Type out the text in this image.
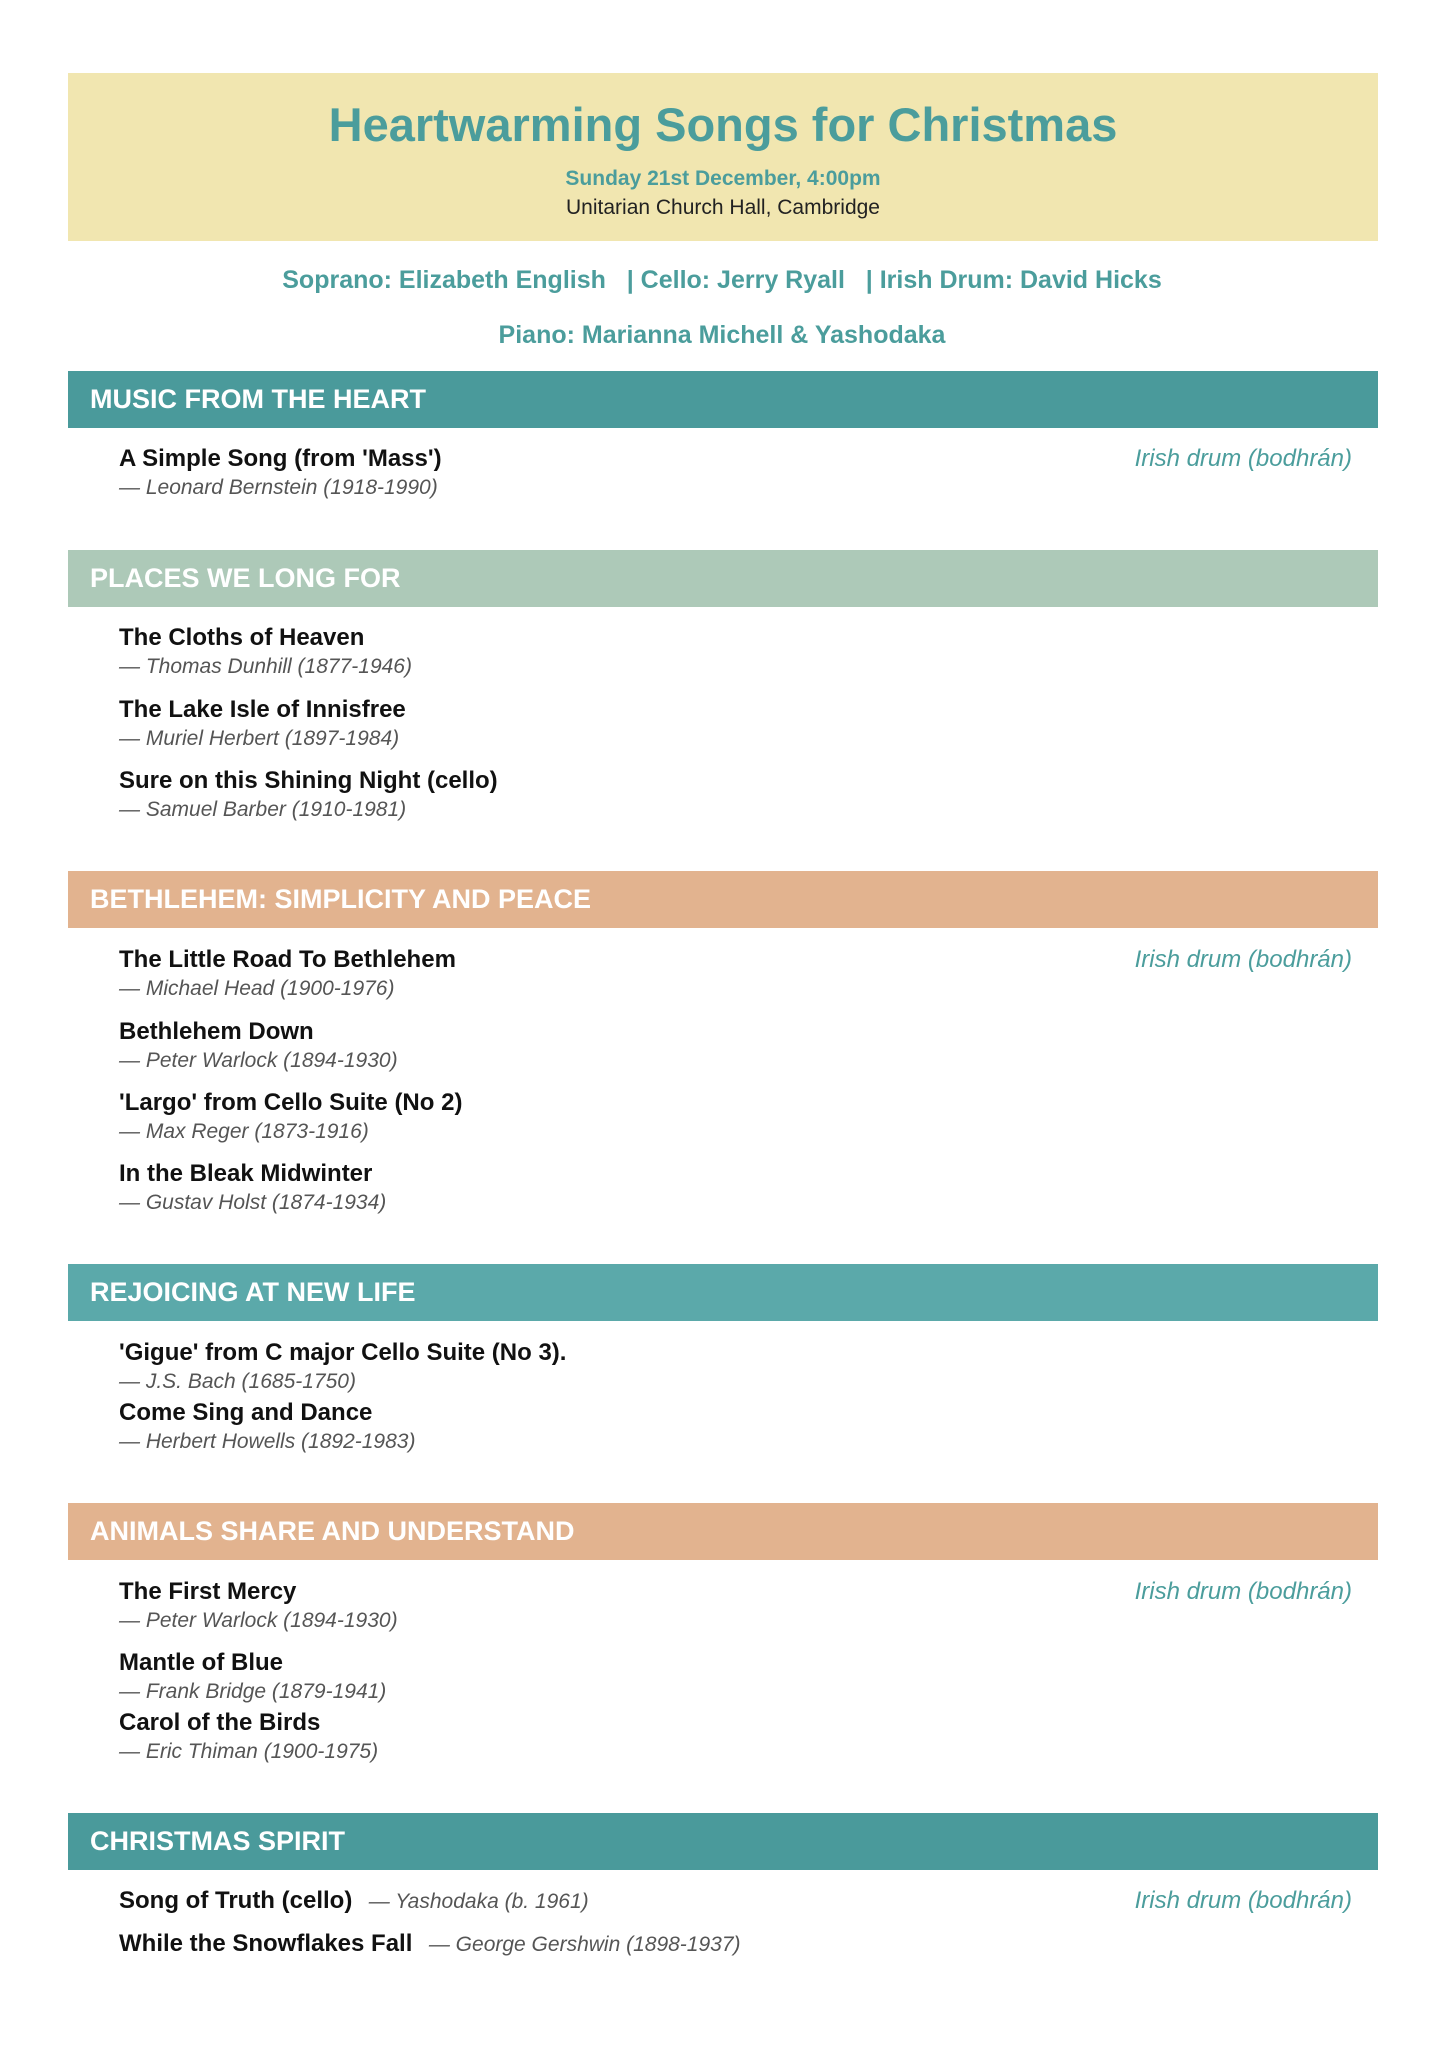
Heartwarming Songs for Christmas
Sunday 21st December, 4:00pm
Unitarian Church Hall, Cambridge
Soprano: Elizabeth English   | Cello: Jerry Ryall   | Irish Drum: David Hicks
Piano: Marianna Michell & Yashodaka
MUSIC FROM THE HEART
Irish drum (bodhrán)
A Simple Song (from 'Mass')
— Leonard Bernstein (1918-1990)
PLACES WE LONG FOR
The Cloths of Heaven
— Thomas Dunhill (1877-1946)
The Lake Isle of Innisfree
— Muriel Herbert (1897-1984)
Sure on this Shining Night (cello)
— Samuel Barber (1910-1981)
BETHLEHEM: SIMPLICITY AND PEACE
Irish drum (bodhrán)
The Little Road To Bethlehem
— Michael Head (1900-1976)
Bethlehem Down
— Peter Warlock (1894-1930)
'Largo' from Cello Suite (No 2)
— Max Reger (1873-1916)
In the Bleak Midwinter
— Gustav Holst (1874-1934)
REJOICING AT NEW LIFE
'Gigue' from C major Cello Suite (No 3).
— J.S. Bach (1685-1750)
Come Sing and Dance
— Herbert Howells (1892-1983)
ANIMALS SHARE AND UNDERSTAND
Irish drum (bodhrán)
The First Mercy
— Peter Warlock (1894-1930)
Mantle of Blue
— Frank Bridge (1879-1941)
Carol of the Birds
— Eric Thiman (1900-1975)
CHRISTMAS SPIRIT
Irish drum (bodhrán)
Song of Truth (cello) — Yashodaka (b. 1961)
While the Snowflakes Fall — George Gershwin (1898-1937)
